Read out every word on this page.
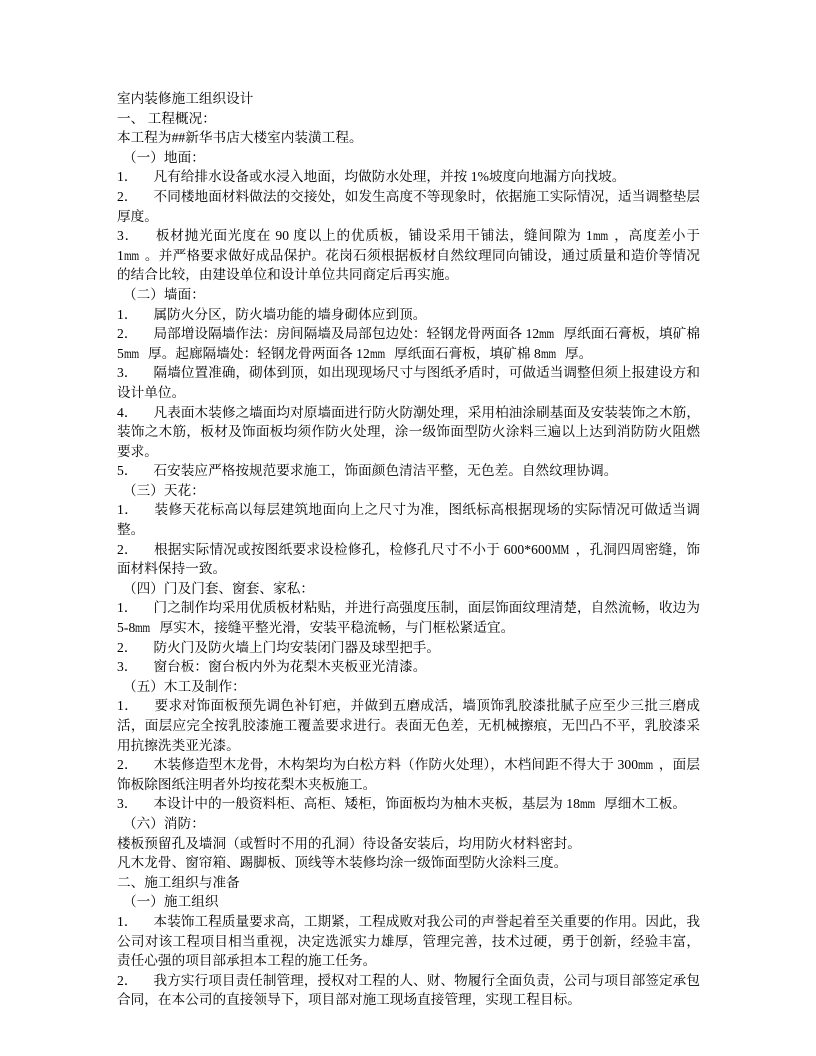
室内装修施工组织设计
一、 工程概况：
本工程为##新华书店大楼室内装潢工程。
（一）地面：
1． 凡有给排水设备或水浸入地面，均做防水处理，并按 1%坡度向地漏方向找坡。
2． 不同楼地面材料做法的交接处，如发生高度不等现象时，依据施工实际情况，适当调整垫层厚度。
3． 板材抛光面光度在 90 度以上的优质板，铺设采用干铺法，缝间隙为 1mm ，高度差小于 1mm 。并严格要求做好成品保护。花岗石须根据板材自然纹理同向铺设，通过质量和造价等情况的结合比较，由建设单位和设计单位共同商定后再实施。
（二）墙面：
1． 属防火分区，防火墙功能的墙身砌体应到顶。
2． 局部增设隔墙作法：房间隔墙及局部包边处：轻钢龙骨两面各 12mm 厚纸面石膏板，填矿棉 5mm 厚。起廊隔墙处：轻钢龙骨两面各 12mm 厚纸面石膏板，填矿棉 8mm 厚。
3． 隔墙位置准确，砌体到顶，如出现现场尺寸与图纸矛盾时，可做适当调整但须上报建设方和设计单位。
4． 凡表面木装修之墙面均对原墙面进行防火防潮处理，采用柏油涂刷基面及安装装饰之木筋，装饰之木筋，板材及饰面板均须作防火处理，涂一级饰面型防火涂料三遍以上达到消防防火阻燃要求。
5． 石安装应严格按规范要求施工，饰面颜色清洁平整，无色差。自然纹理协调。
（三）天花：
1． 装修天花标高以每层建筑地面向上之尺寸为准，图纸标高根据现场的实际情况可做适当调整。
2． 根据实际情况或按图纸要求设检修孔，检修孔尺寸不小于 600*600MM ，孔洞四周密缝，饰面材料保持一致。
（四）门及门套、窗套、家私：
1． 门之制作均采用优质板材粘贴，并进行高强度压制，面层饰面纹理清楚，自然流畅，收边为 5-8mm 厚实木，接缝平整光滑，安装平稳流畅，与门框松紧适宜。
2． 防火门及防火墙上门均安装闭门器及球型把手。
3． 窗台板：窗台板内外为花梨木夹板亚光清漆。
（五）木工及制作：
1． 要求对饰面板预先调色补钉疤，并做到五磨成活，墙顶饰乳胶漆批腻子应至少三批三磨成活，面层应完全按乳胶漆施工覆盖要求进行。表面无色差，无机械擦痕，无凹凸不平，乳胶漆采用抗擦洗类亚光漆。
2． 木装修造型木龙骨，木构架均为白松方料（作防火处理），木档间距不得大于 300mm ，面层饰板除图纸注明者外均按花梨木夹板施工。
3． 本设计中的一般资料柜、高柜、矮柜，饰面板均为柚木夹板，基层为 18mm 厚细木工板。
（六）消防：
楼板预留孔及墙洞（或暂时不用的孔洞）待设备安装后，均用防火材料密封。
凡木龙骨、窗帘箱、踢脚板、顶线等木装修均涂一级饰面型防火涂料三度。
二、施工组织与准备
（一）施工组织
1． 本装饰工程质量要求高，工期紧，工程成败对我公司的声誉起着至关重要的作用。因此，我公司对该工程项目相当重视，决定选派实力雄厚，管理完善，技术过硬，勇于创新，经验丰富，责任心强的项目部承担本工程的施工任务。
2． 我方实行项目责任制管理，授权对工程的人、财、物履行全面负责，公司与项目部签定承包合同，在本公司的直接领导下，项目部对施工现场直接管理，实现工程目标。
